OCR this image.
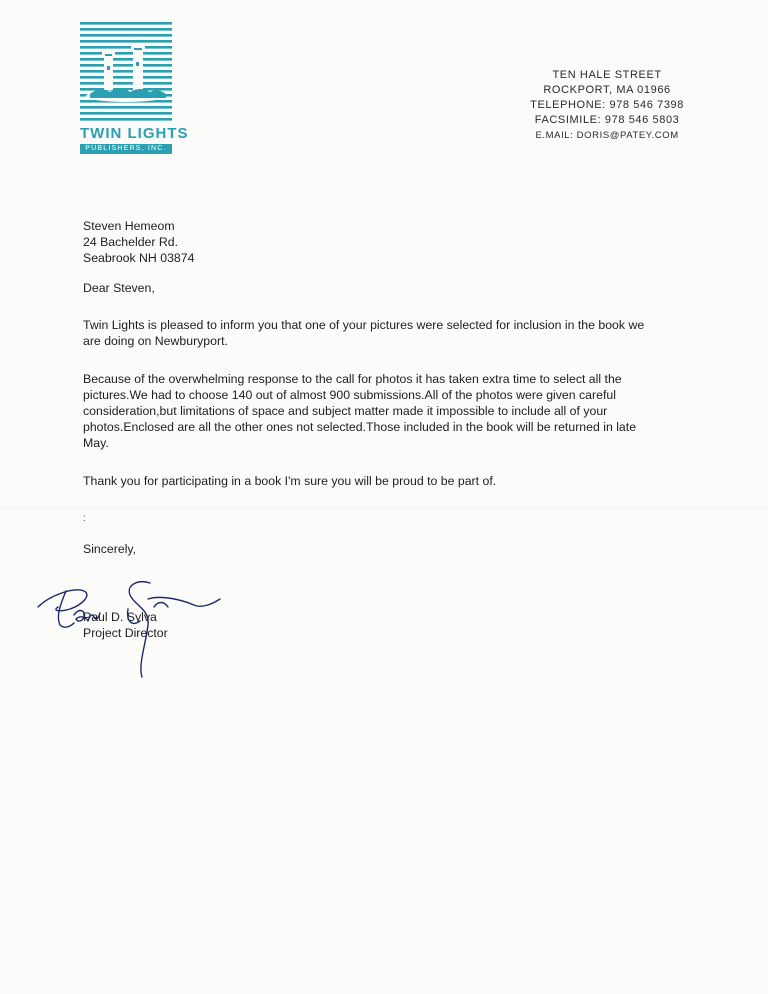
TWIN LIGHTS
PUBLISHERS, INC.
TEN HALE STREET
ROCKPORT, MA 01966
TELEPHONE: 978 546 7398
FACSIMILE: 978 546 5803
E.MAIL: DORIS@PATEY.COM
Steven Hemeom
24 Bachelder Rd.
Seabrook NH 03874
Dear Steven,

Twin Lights is pleased to inform you that one of your pictures were selected for inclusion in the book we are doing on Newburyport.

Because of the overwhelming response to the call for photos it has taken extra time to select all the pictures.We had to choose 140 out of almost 900 submissions.All of the photos were given careful consideration,but limitations of space and subject matter made it impossible to include all of your photos.Enclosed are all the other ones not selected.Those included in the book will be returned in late May.

Thank you for participating in a book I'm sure you will be proud to be part of.

:
Sincerely,
Paul D. Sylva
Project Director
